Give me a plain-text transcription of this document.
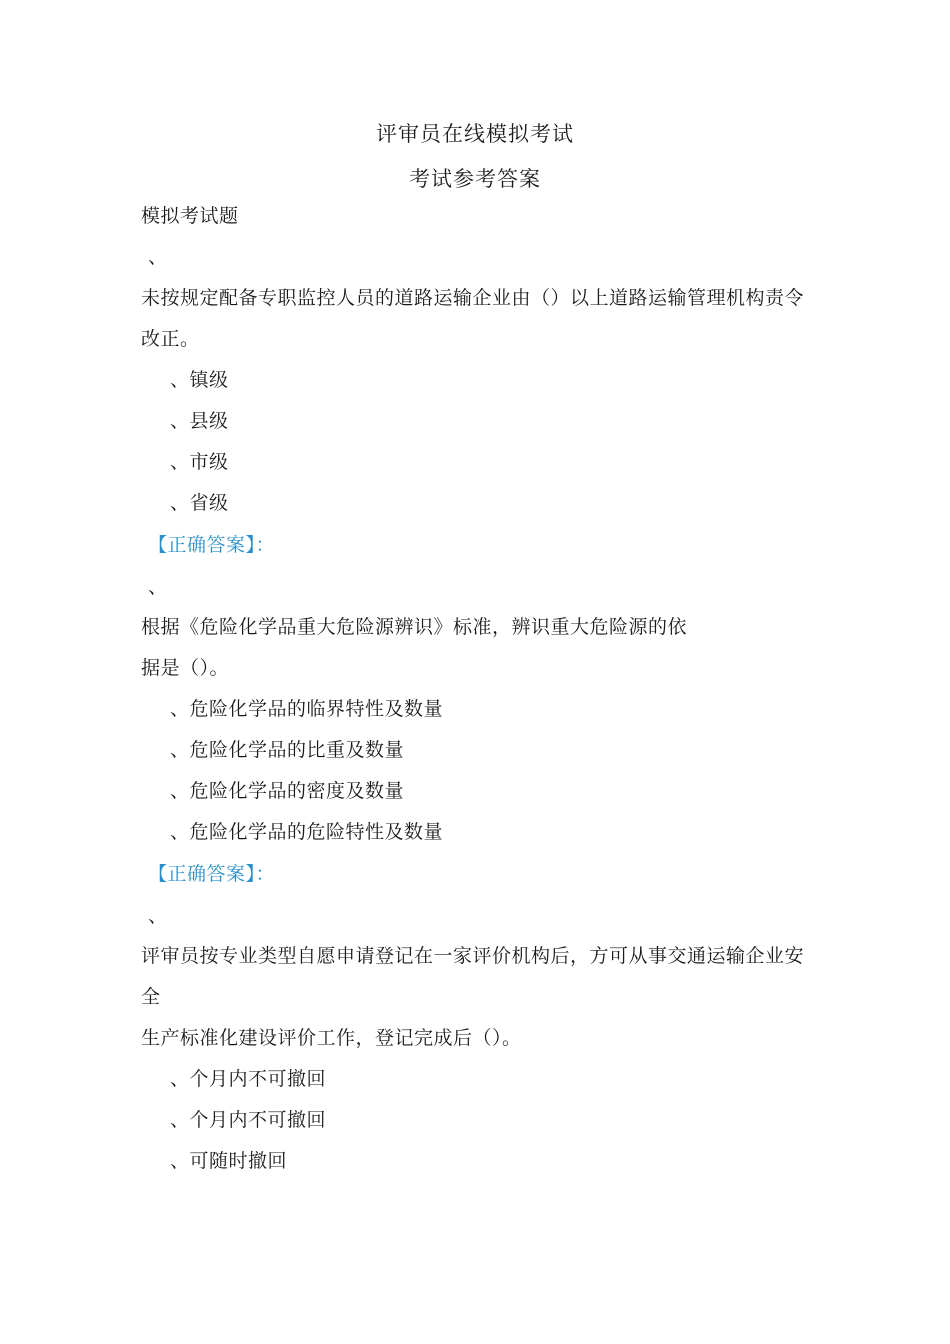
评审员在线模拟考试
考试参考答案
模拟考试题
、
未按规定配备专职监控人员的道路运输企业由（）以上道路运输管理机构责令
改正。
、镇级
、县级
、市级
、省级
【正确答案】：
、
根据《危险化学品重大危险源辨识》标准，辨识重大危险源的依
据是（）。
、危险化学品的临界特性及数量
、危险化学品的比重及数量
、危险化学品的密度及数量
、危险化学品的危险特性及数量
【正确答案】：
、
评审员按专业类型自愿申请登记在一家评价机构后，方可从事交通运输企业安
全
生产标准化建设评价工作，登记完成后（）。
、个月内不可撤回
、个月内不可撤回
、可随时撤回
